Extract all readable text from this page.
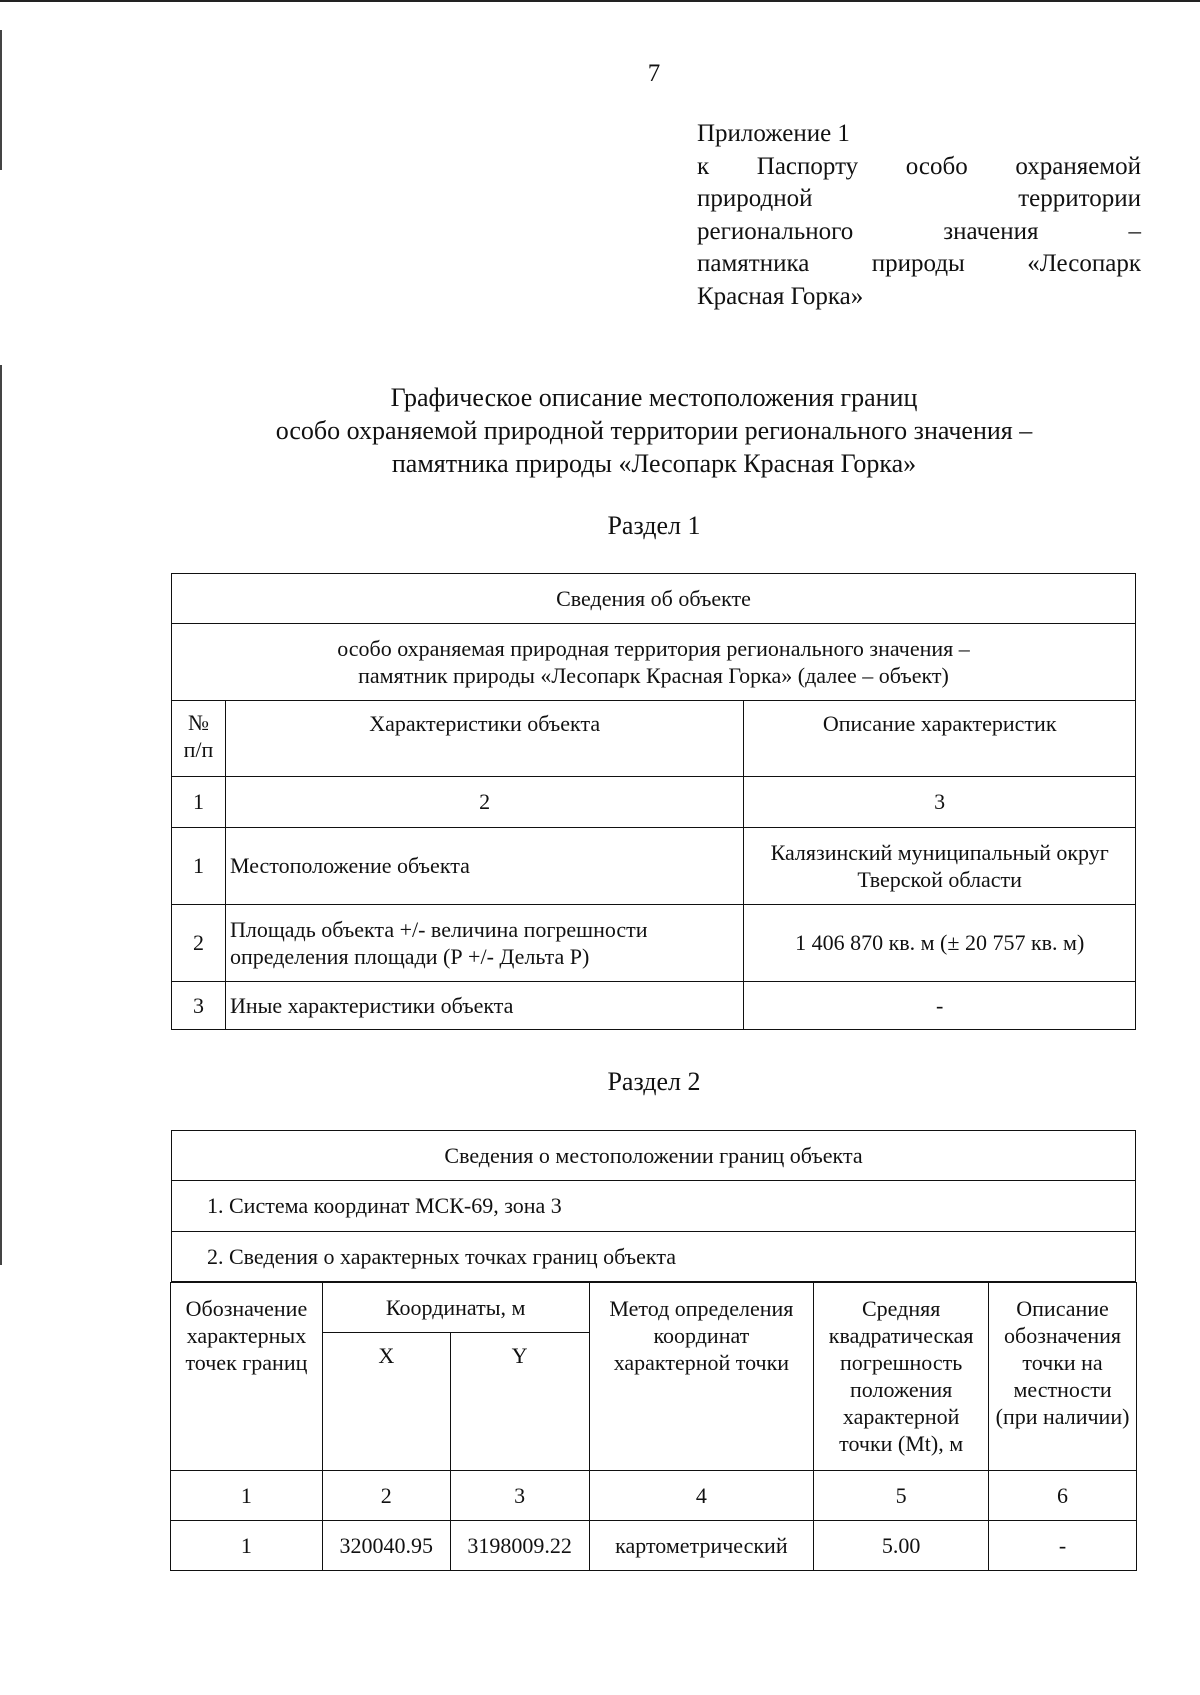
7
Приложение 1
к Паспорту особо охраняемой
природной территории
регионального значения –
памятника природы «Лесопарк
Красная Горка»
Графическое описание местоположения границ
особо охраняемой природной территории регионального значения –
памятника природы «Лесопарк Красная Горка»
Раздел 1
Сведения об объекте		

особо охраняемая природная территория регионального значения –
памятник природы «Лесопарк Красная Горка» (далее – объект)		

№
п/п	Характеристики объекта	Описание характеристик
1	2	3
1	Местоположение объекта	Калязинский муниципальный округ
Тверской области

2	Площадь объекта +/- величина погрешности
определения площади (Р +/- Дельта Р)	1 406 870 кв. м (± 20 757 кв. м)
3	Иные характеристики объекта	-
Раздел 2
Сведения о местоположении границ объекта
1. Система координат МСК-69, зона 3
2. Сведения о характерных точках границ объекта
Обозначение характерных точек границ	Координаты, м		Метод определения координат характерной точки	Средняя квадратическая погрешность положения характерной точки (Mt), м	Описание обозначения точки на местности (при наличии)
	X	Y			
1	2	3	4	5	6
1	320040.95	3198009.22	картометрический	5.00	-
